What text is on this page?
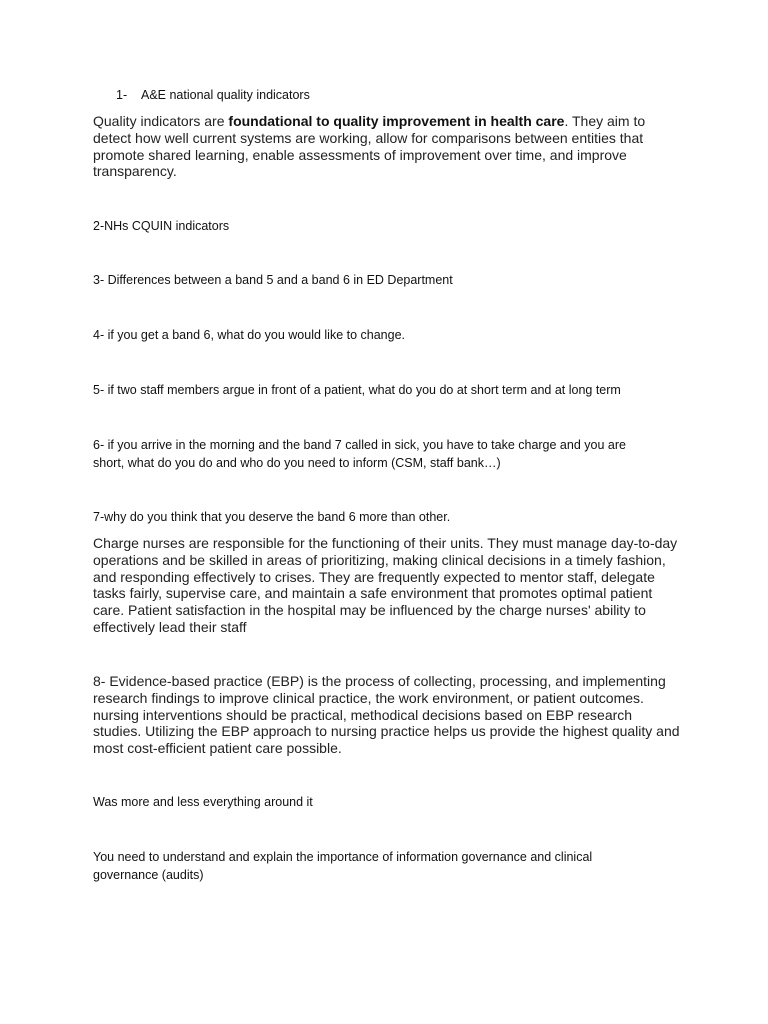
1- A&E national quality indicators
Quality indicators are foundational to quality improvement in health care. They aim to detect how well current systems are working, allow for comparisons between entities that promote shared learning, enable assessments of improvement over time, and improve transparency.
2-NHs CQUIN indicators
3- Differences between a band 5 and a band 6 in ED Department
4- if you get a band 6, what do you would like to change.
5- if two staff members argue in front of a patient, what do you do at short term and at long term
6- if you arrive in the morning and the band 7 called in sick, you have to take charge and you are
short, what do you do and who do you need to inform (CSM, staff bank…)
7-why do you think that you deserve the band 6 more than other.
Charge nurses are responsible for the functioning of their units. They must manage day-to-day operations and be skilled in areas of prioritizing, making clinical decisions in a timely fashion, and responding effectively to crises. They are frequently expected to mentor staff, delegate tasks fairly, supervise care, and maintain a safe environment that promotes optimal patient care. Patient satisfaction in the hospital may be influenced by the charge nurses' ability to effectively lead their staff
8- Evidence-based practice (EBP) is the process of collecting, processing, and implementing research findings to improve clinical practice, the work environment, or patient outcomes. nursing interventions should be practical, methodical decisions based on EBP research studies. Utilizing the EBP approach to nursing practice helps us provide the highest quality and most cost-efficient patient care possible.
Was more and less everything around it
You need to understand and explain the importance of information governance and clinical
governance (audits)
